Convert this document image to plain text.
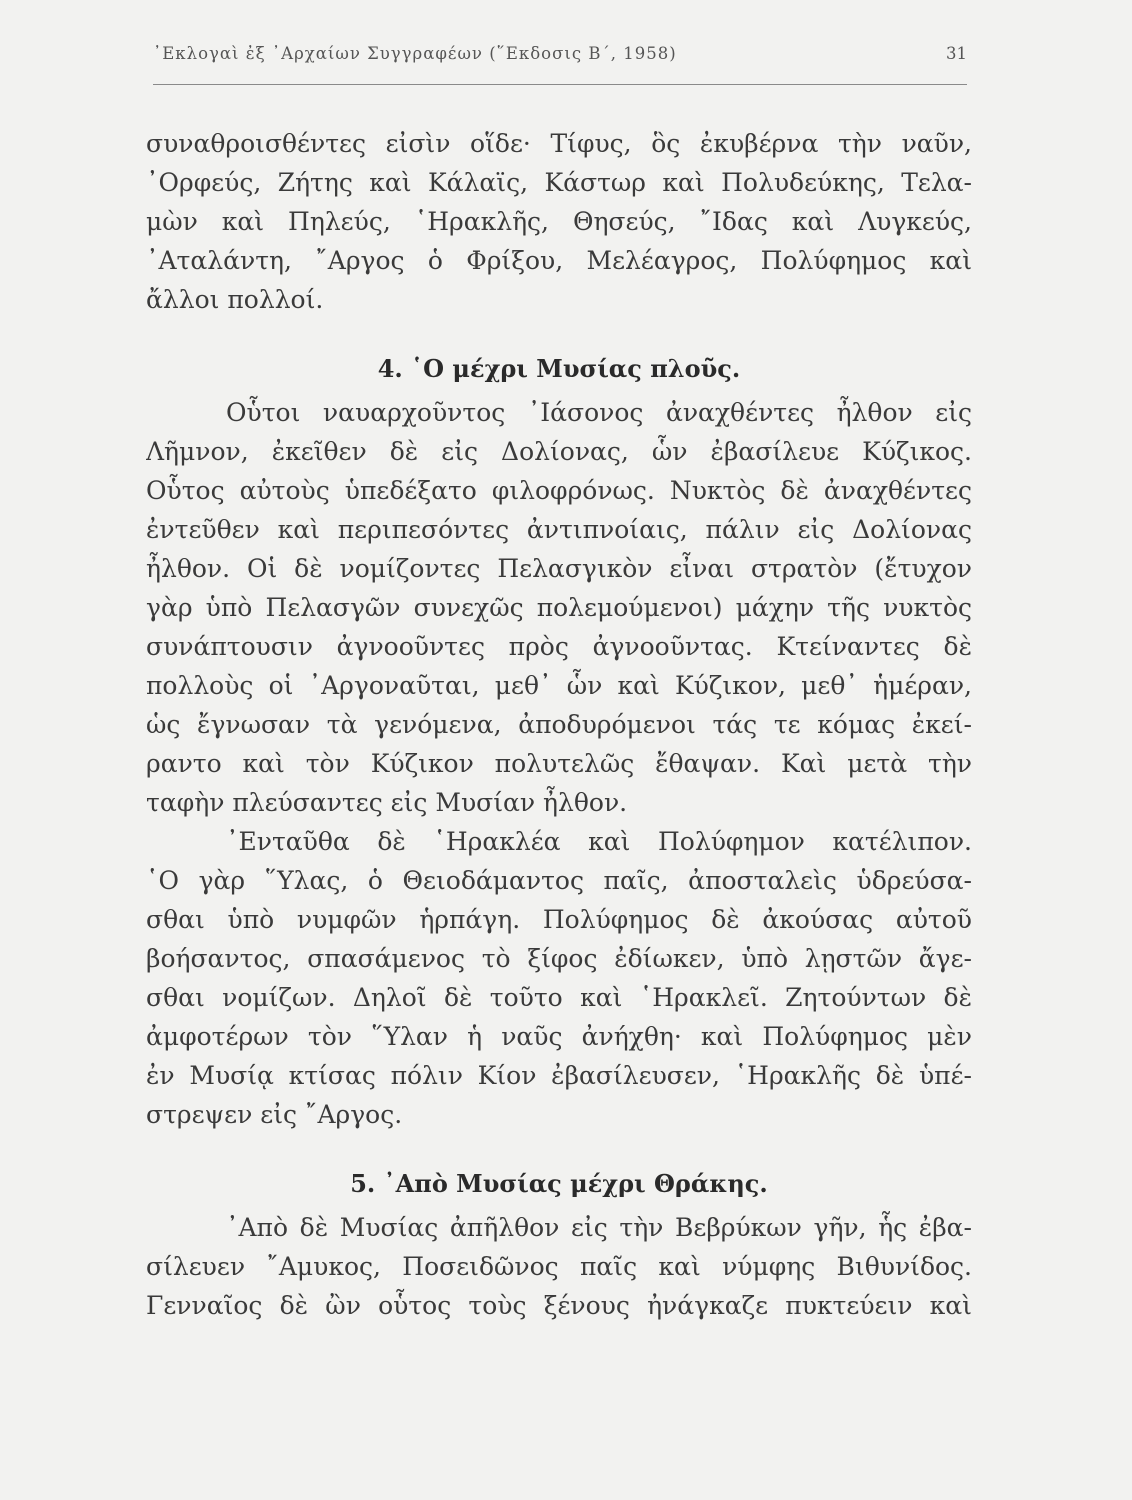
᾿Εκλογαὶ ἐξ ᾿Αρχαίων Συγγραφέων (῞Εκδοσις Β΄, 1958)	31
συναθροισθέντες εἰσὶν οἵδε· Τίφυς, ὃς ἐκυβέρνα τὴν ναῦν,
᾿Ορφεύς, Ζήτης καὶ Κάλαϊς, Κάστωρ καὶ Πολυδεύκης, Τελα-
μὼν καὶ Πηλεύς, ῾Ηρακλῆς, Θησεύς, ῎Ιδας καὶ Λυγκεύς,
᾿Αταλάντη, ῎Αργος ὁ Φρίξου, Μελέαγρος, Πολύφημος καὶ
ἄλλοι πολλοί.
4. ῾Ο μέχρι Μυσίας πλοῦς.
Οὗτοι ναυαρχοῦντος ᾿Ιάσονος ἀναχθέντες ἦλθον εἰς
Λῆμνον, ἐκεῖθεν δὲ εἰς Δολίονας, ὧν ἐβασίλευε Κύζικος.
Οὗτος αὐτοὺς ὑπεδέξατο φιλοφρόνως. Νυκτὸς δὲ ἀναχθέντες
ἐντεῦθεν καὶ περιπεσόντες ἀντιπνοίαις, πάλιν εἰς Δολίονας
ἦλθον. Οἱ δὲ νομίζοντες Πελασγικὸν εἶναι στρατὸν (ἔτυχον
γὰρ ὑπὸ Πελασγῶν συνεχῶς πολεμούμενοι) μάχην τῆς νυκτὸς
συνάπτουσιν ἀγνοοῦντες πρὸς ἀγνοοῦντας. Κτείναντες δὲ
πολλοὺς οἱ ᾿Αργοναῦται, μεθ᾿ ὧν καὶ Κύζικον, μεθ᾿ ἡμέραν,
ὡς ἔγνωσαν τὰ γενόμενα, ἀποδυρόμενοι τάς τε κόμας ἐκεί-
ραντο καὶ τὸν Κύζικον πολυτελῶς ἔθαψαν. Καὶ μετὰ τὴν
ταφὴν πλεύσαντες εἰς Μυσίαν ἦλθον.
᾿Ενταῦθα δὲ ῾Ηρακλέα καὶ Πολύφημον κατέλιπον.
῾Ο γὰρ ῞Υλας, ὁ Θειοδάμαντος παῖς, ἀποσταλεὶς ὑδρεύσα-
σθαι ὑπὸ νυμφῶν ἡρπάγη. Πολύφημος δὲ ἀκούσας αὐτοῦ
βοήσαντος, σπασάμενος τὸ ξίφος ἐδίωκεν, ὑπὸ λῃστῶν ἄγε-
σθαι νομίζων. Δηλοῖ δὲ τοῦτο καὶ ῾Ηρακλεῖ. Ζητούντων δὲ
ἀμφοτέρων τὸν ῞Υλαν ἡ ναῦς ἀνήχθη· καὶ Πολύφημος μὲν
ἐν Μυσίᾳ κτίσας πόλιν Κίον ἐβασίλευσεν, ῾Ηρακλῆς δὲ ὑπέ-
στρεψεν εἰς ῎Αργος.
5. ᾿Απὸ Μυσίας μέχρι Θράκης.
᾿Απὸ δὲ Μυσίας ἀπῆλθον εἰς τὴν Βεβρύκων γῆν, ἧς ἐβα-
σίλευεν ῎Αμυκος, Ποσειδῶνος παῖς καὶ νύμφης Βιθυνίδος.
Γενναῖος δὲ ὢν οὗτος τοὺς ξένους ἠνάγκαζε πυκτεύειν καὶ
